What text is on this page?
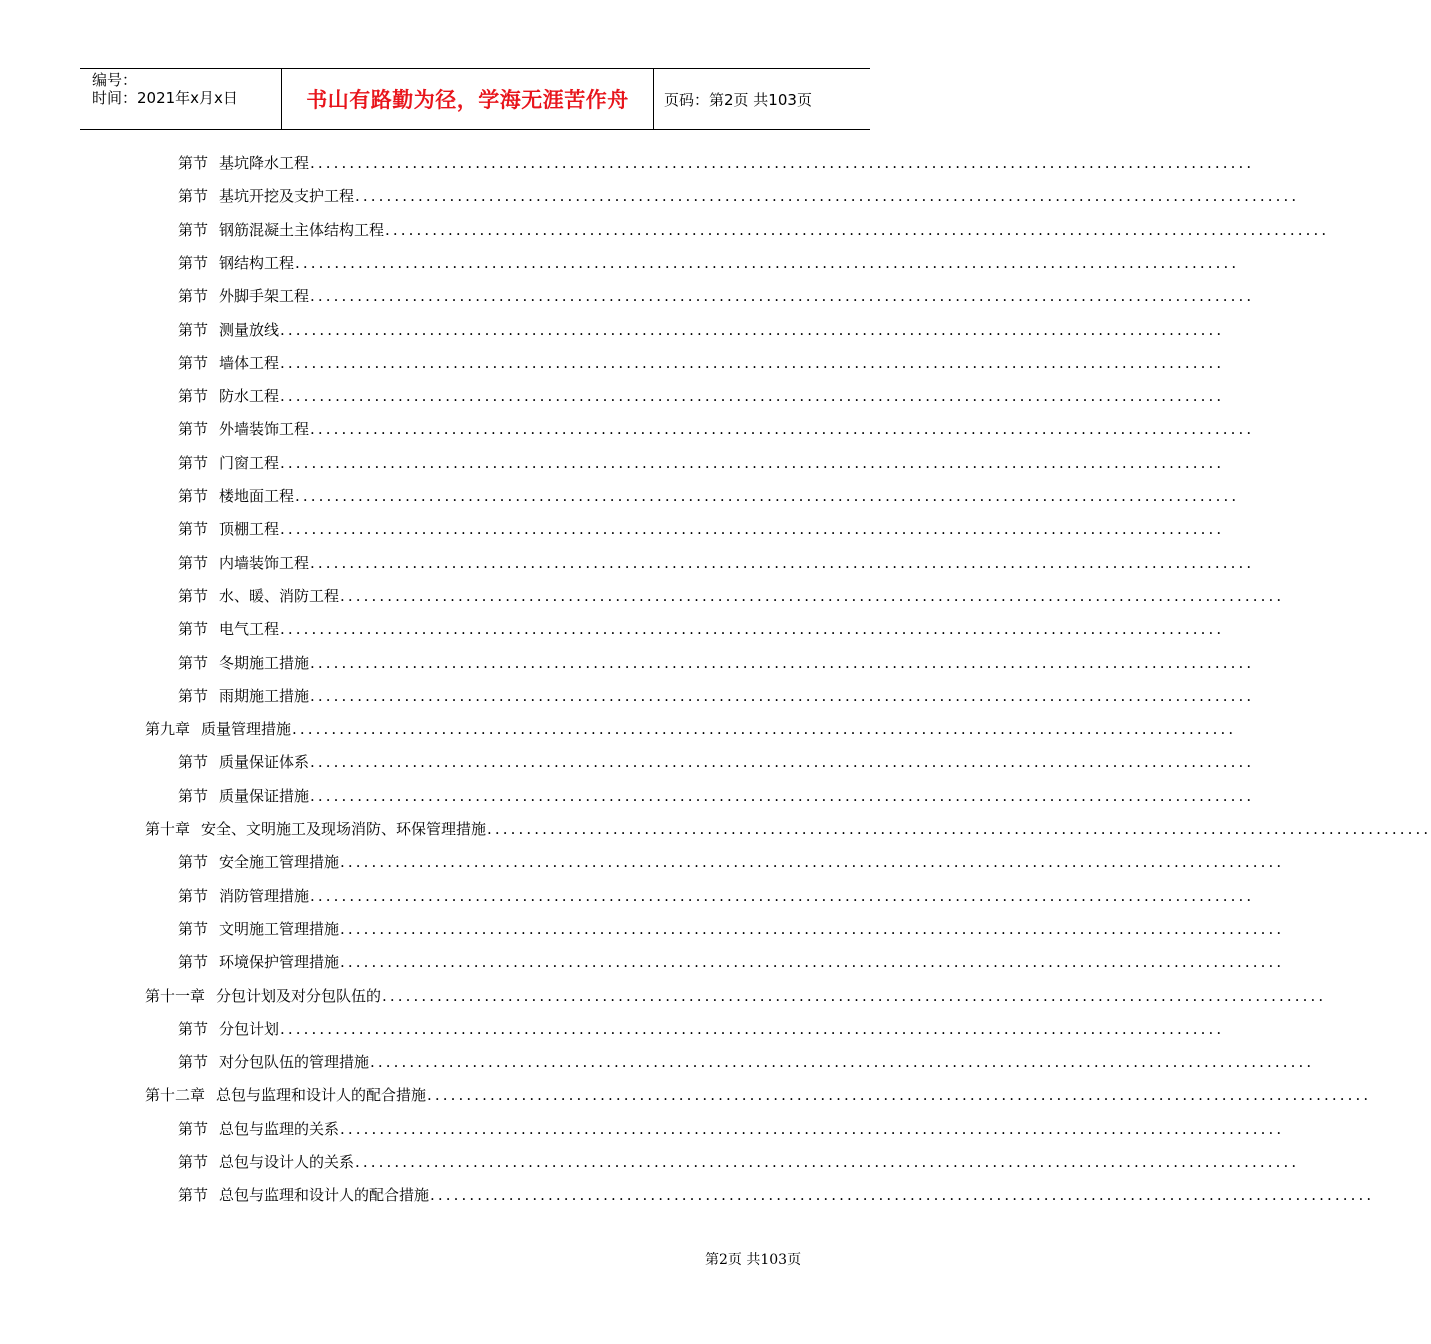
编号：
时间：2021年x月x日	书山有路勤为径，学海无涯苦作舟	页码：第2页 共103页
第节 基坑降水工程 ........................................................................................................................
第节 基坑开挖及支护工程 ........................................................................................................................
第节 钢筋混凝土主体结构工程 ........................................................................................................................
第节 钢结构工程 ........................................................................................................................
第节 外脚手架工程 ........................................................................................................................
第节 测量放线 ........................................................................................................................
第节 墙体工程 ........................................................................................................................
第节 防水工程 ........................................................................................................................
第节 外墙装饰工程 ........................................................................................................................
第节 门窗工程 ........................................................................................................................
第节 楼地面工程 ........................................................................................................................
第节 顶棚工程 ........................................................................................................................
第节 内墙装饰工程 ........................................................................................................................
第节 水、暖、消防工程 ........................................................................................................................
第节 电气工程 ........................................................................................................................
第节 冬期施工措施 ........................................................................................................................
第节 雨期施工措施 ........................................................................................................................
第九章 质量管理措施 ........................................................................................................................
第节 质量保证体系 ........................................................................................................................
第节 质量保证措施 ........................................................................................................................
第十章 安全、文明施工及现场消防、环保管理措施 ........................................................................................................................
第节 安全施工管理措施 ........................................................................................................................
第节 消防管理措施 ........................................................................................................................
第节 文明施工管理措施 ........................................................................................................................
第节 环境保护管理措施 ........................................................................................................................
第十一章 分包计划及对分包队伍的 ........................................................................................................................
第节 分包计划 ........................................................................................................................
第节 对分包队伍的管理措施 ........................................................................................................................
第十二章 总包与监理和设计人的配合措施 ........................................................................................................................
第节 总包与监理的关系 ........................................................................................................................
第节 总包与设计人的关系 ........................................................................................................................
第节 总包与监理和设计人的配合措施 ........................................................................................................................
第2页 共103页
